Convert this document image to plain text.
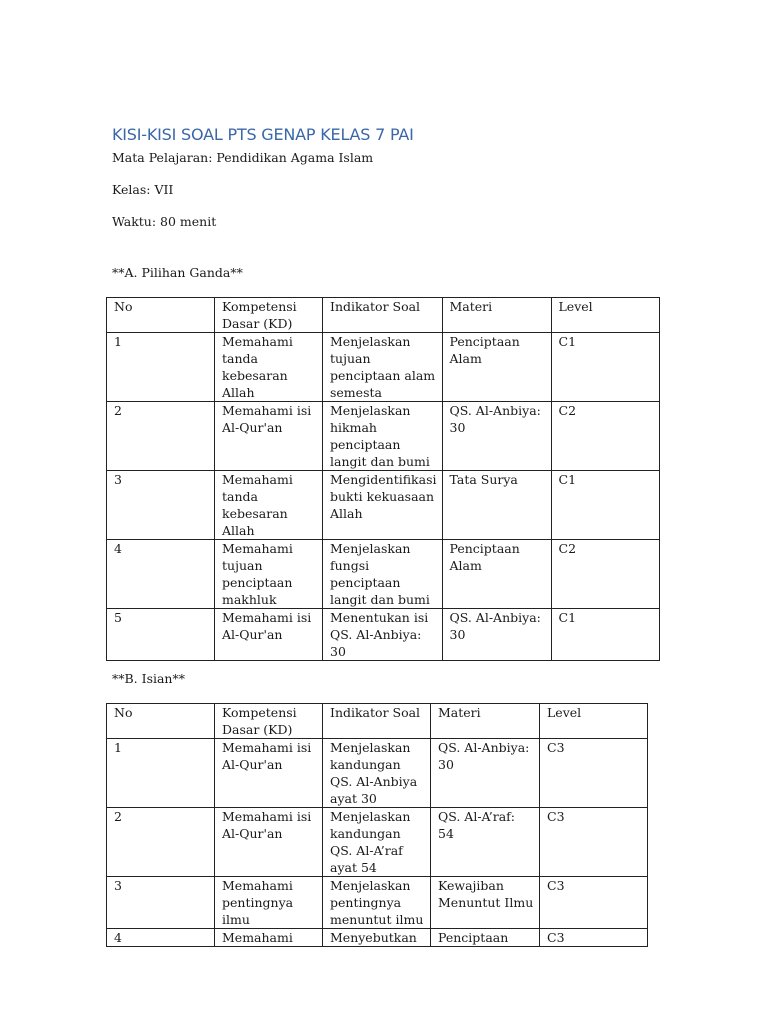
KISI-KISI SOAL PTS GENAP KELAS 7 PAI

Mata Pelajaran: Pendidikan Agama Islam

Kelas: VII

Waktu: 80 menit

**A. Pilihan Ganda**

No	Kompetensi Dasar (KD)	Indikator Soal	Materi	Level
1	Memahami tanda kebesaran Allah	Menjelaskan tujuan penciptaan alam semesta	Penciptaan Alam	C1
2	Memahami isi Al-Qur'an	Menjelaskan hikmah penciptaan langit dan bumi	QS. Al-Anbiya: 30	C2
3	Memahami tanda kebesaran Allah	Mengidentifikasi bukti kekuasaan Allah	Tata Surya	C1
4	Memahami tujuan penciptaan makhluk	Menjelaskan fungsi penciptaan langit dan bumi	Penciptaan Alam	C2
5	Memahami isi Al-Qur'an	Menentukan isi QS. Al-Anbiya: 30	QS. Al-Anbiya: 30	C1

**B. Isian**

No	Kompetensi Dasar (KD)	Indikator Soal	Materi	Level
1	Memahami isi Al-Qur'an	Menjelaskan kandungan QS. Al-Anbiya ayat 30	QS. Al-Anbiya: 30	C3
2	Memahami isi Al-Qur'an	Menjelaskan kandungan QS. Al-A’raf ayat 54	QS. Al-A’raf: 54	C3
3	Memahami pentingnya ilmu	Menjelaskan pentingnya menuntut ilmu	Kewajiban Menuntut Ilmu	C3
4	Memahami	Menyebutkan	Penciptaan	C3
